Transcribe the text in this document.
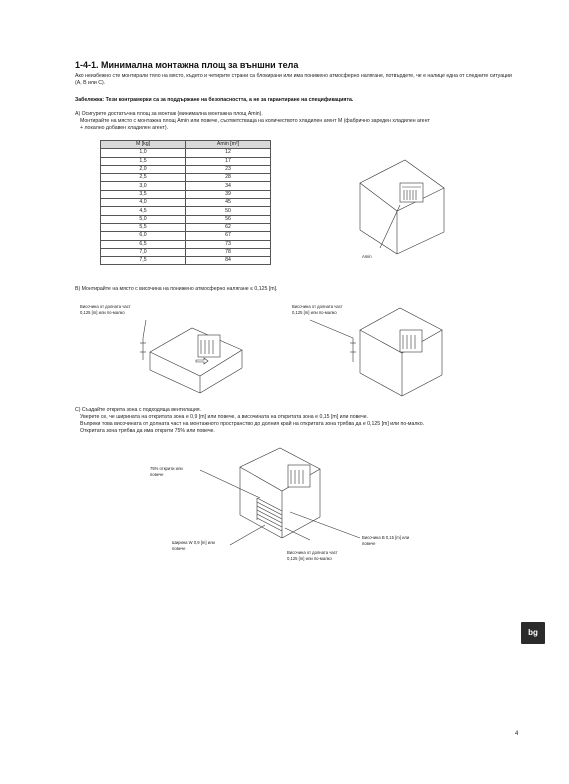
1-4-1. Минимална монтажна площ за външни тела
Ако неизбежно сте монтирали тяло на място, където и четирите страни са блокирани или има понижено атмосферно налягане, потвърдете, че е налице една от следните ситуации (A, B или C).
Забележка: Тези контрамерки са за поддържане на безопасността, а не за гарантиране на спецификацията.
A) Осигурете достатъчна площ за монтаж (минимална монтажна площ Amin).
Монтирайте на място с монтажна площ Amin или повече, съответстваща на количеството хладилен агент M (фабрично зареден хладилен агент
+ локално добавен хладилен агент).
M [kg]	Amin [m²]
1,0	12
1,5	17
2,0	23
2,5	28
3,0	34
3,5	39
4,0	45
4,5	50
5,0	56
5,5	62
6,0	67
6,5	73
7,0	78
7,5	84
Amin
B) Монтирайте на място с височина на понижено атмосферно налягане ≤ 0,125 [m].
Височина от долната част
0,125 [m] или по-малко
Височина от долната част
0,125 [m] или по-малко
C) Създайте открита зона с подходяща вентилация.
Уверете се, че ширината на откритата зона е 0,9 [m] или повече, а височината на откритата зона е 0,15 [m] или повече.
Въпреки това височината от долната част на монтажното пространство до долния край на откритата зона трябва да е 0,125 [m] или по-малко.
Откритата зона трябва да има открити 75% или повече.
75% открити или
повече
Ширина W 0,9 [m] или
повече
Височина B 0,15 [m] или
повече
Височина от долната част
0,125 [m] или по-малко
bg
4
